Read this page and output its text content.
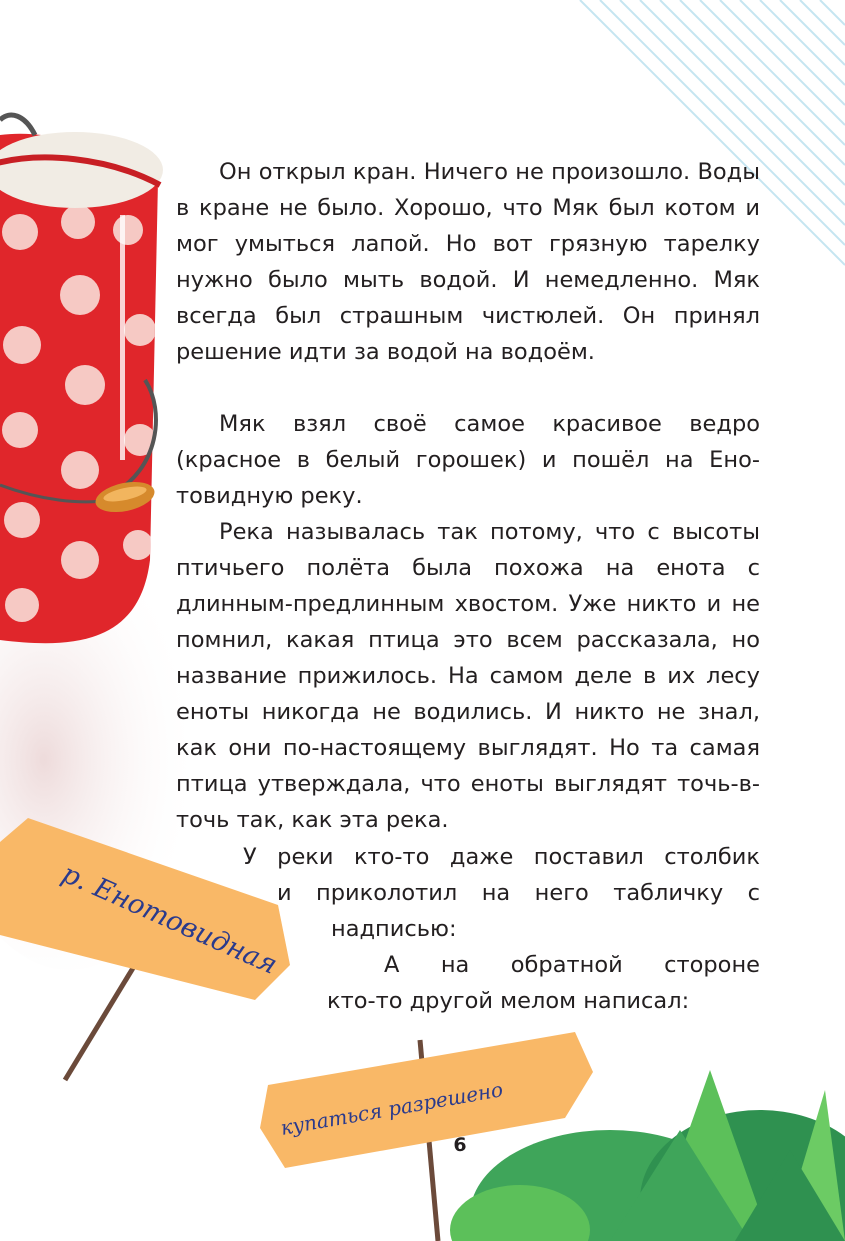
р. Енотовидная
купаться разрешено

Он открыл кран. Ничего не произошло. Воды в кране не было. Хорошо, что Мяк был котом и мог умыться лапой. Но вот грязную тарелку нужно было мыть водой. И немедленно. Мяк всегда был страшным чистюлей. Он принял решение идти за водой на водоём.

Мяк взял своё самое красивое ведро (красное в белый горошек) и пошёл на Енотовидную реку.

Река называлась так потому, что с высоты птичьего полёта была похожа на енота с длинным-предлинным хвостом. Уже никто и не помнил, какая птица это всем рассказала, но название прижилось. На самом деле в их лесу еноты никогда не водились. И никто не знал, как они по-настоящему выглядят. Но та самая птица утверждала, что еноты выглядят точь-в-точь так, как эта река.

У реки кто-то даже поставил столбик
и приколотил на него табличку с
надписью:
А на обратной стороне
кто-то другой мелом написал:
6
